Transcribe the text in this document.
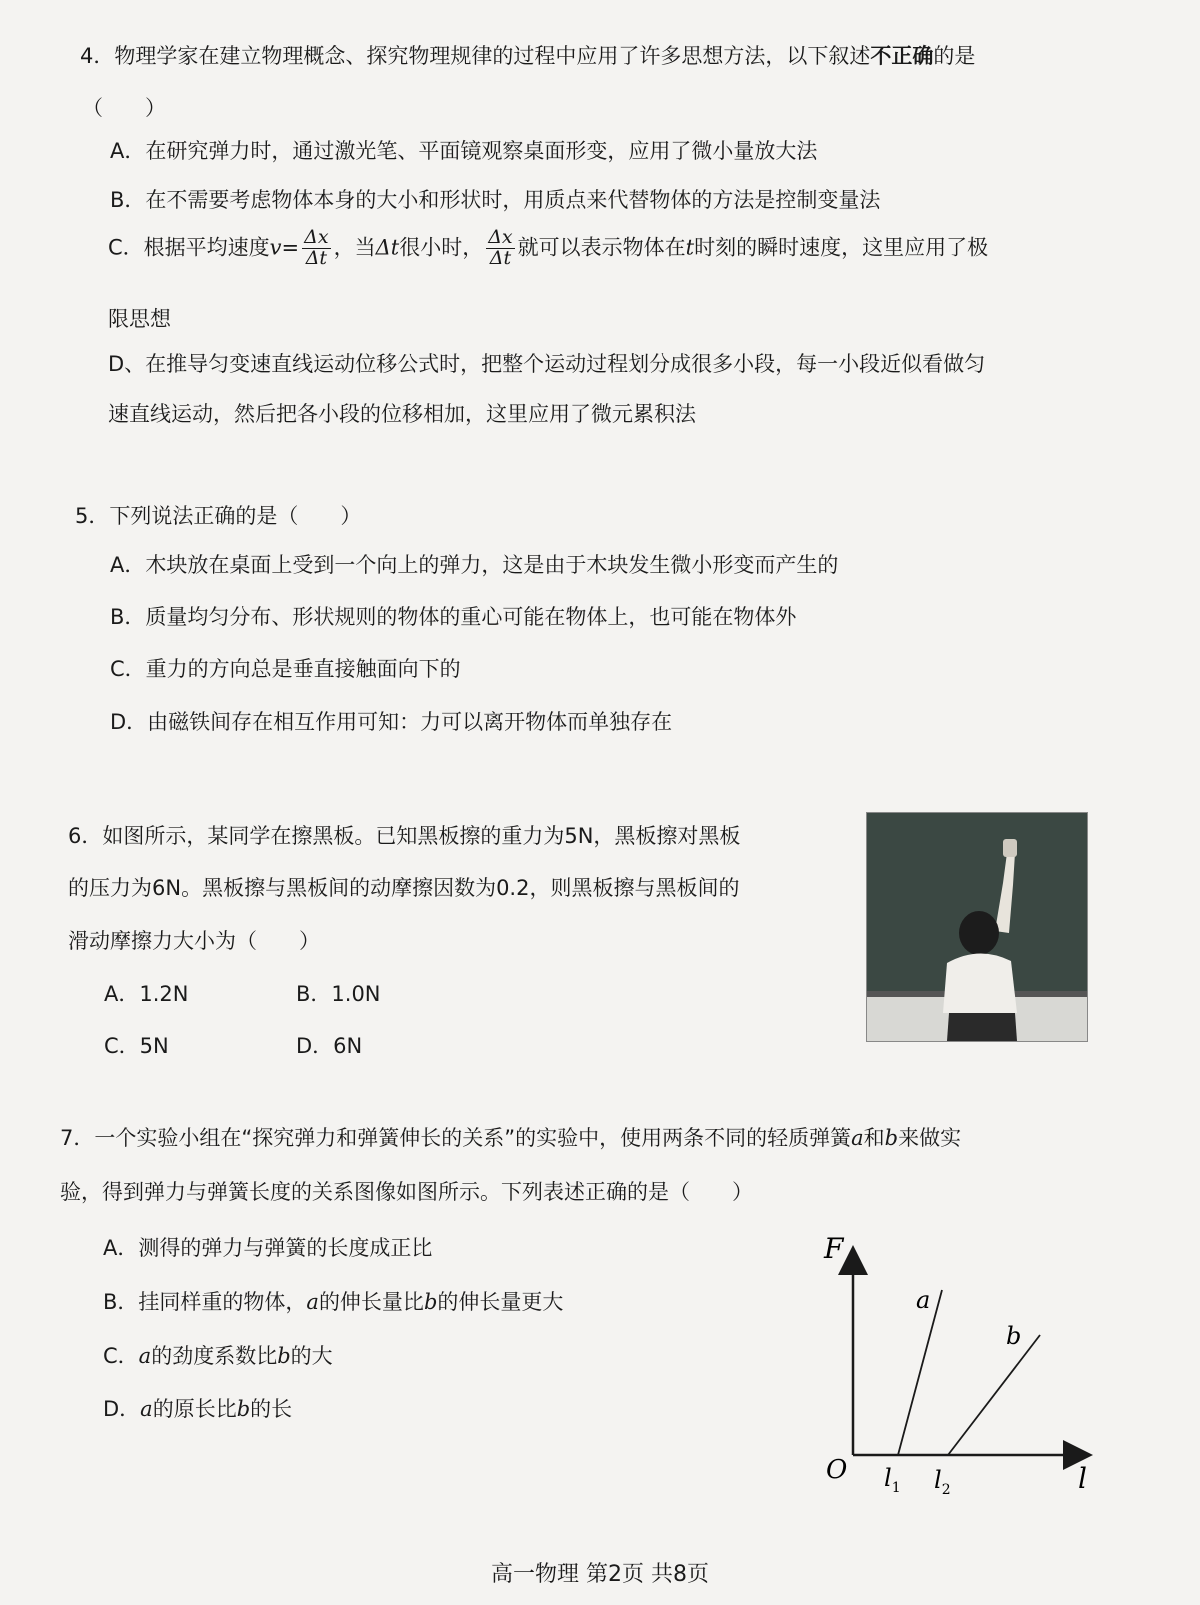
4．物理学家在建立物理概念、探究物理规律的过程中应用了许多思想方法，以下叙述不正确的是
（　　）
A．在研究弹力时，通过激光笔、平面镜观察桌面形变，应用了微小量放大法
B．在不需要考虑物体本身的大小和形状时，用质点来代替物体的方法是控制变量法
C．根据平均速度$v= \frac{\Delta x}{\Delta t}$ ，当Δt很小时， $\frac{\Delta x}{\Delta t}$ 就可以表示物体在t时刻的瞬时速度，这里应用了极
限思想
D、在推导匀变速直线运动位移公式时，把整个运动过程划分成很多小段，每一小段近似看做匀
速直线运动，然后把各小段的位移相加，这里应用了微元累积法
5．下列说法正确的是（　　）
A．木块放在桌面上受到一个向上的弹力，这是由于木块发生微小形变而产生的
B．质量均匀分布、形状规则的物体的重心可能在物体上，也可能在物体外
C．重力的方向总是垂直接触面向下的
D．由磁铁间存在相互作用可知：力可以离开物体而单独存在
6．如图所示，某同学在擦黑板。已知黑板擦的重力为5N，黑板擦对黑板
的压力为6N。黑板擦与黑板间的动摩擦因数为0.2，则黑板擦与黑板间的
滑动摩擦力大小为（　　）
A．1.2N	B．1.0N
C．5N	D．6N
7．一个实验小组在“探究弹力和弹簧伸长的关系”的实验中，使用两条不同的轻质弹簧a和b来做实
验，得到弹力与弹簧长度的关系图像如图所示。下列表述正确的是（　　）
A．测得的弹力与弹簧的长度成正比
B．挂同样重的物体，a的伸长量比b的伸长量更大
C．a的劲度系数比b的大
D．a的原长比b的长
F
l
O
a
b
$l_1$ $l_2$
高一物理 第2页 共8页
